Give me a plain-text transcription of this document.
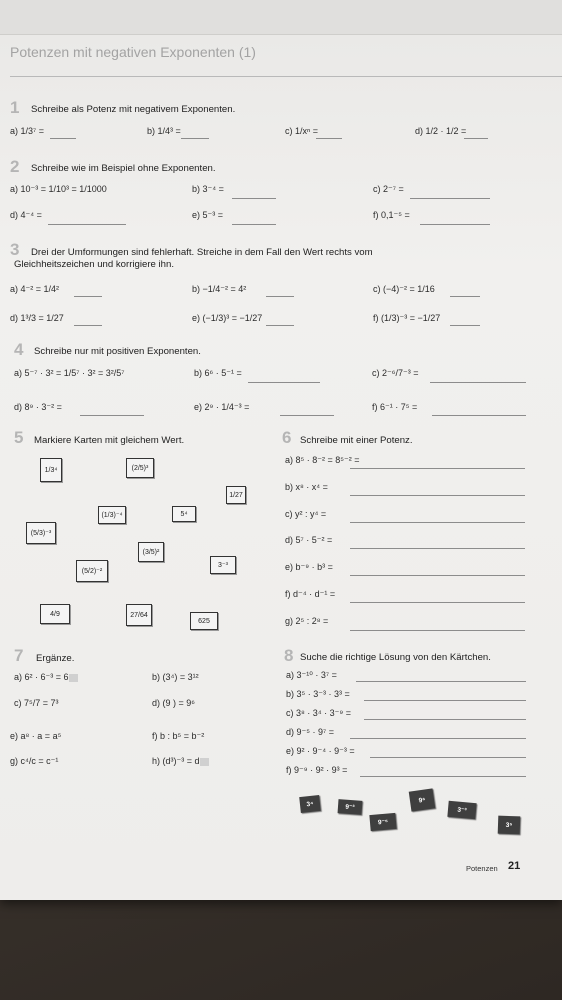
Potenzen mit negativen Exponenten (1)
1 Schreibe als Potenz mit negativem Exponenten.
a) 1/3⁷ =	b) 1/4³ =	c) 1/xⁿ =	d) 1/2 · 1/2 =
2 Schreibe wie im Beispiel ohne Exponenten.
a) 10⁻³ = 1/10³ = 1/1000	b) 3⁻⁴ =	c) 2⁻⁷ =
d) 4⁻⁴ =	e) 5⁻³ =	f) 0,1⁻⁵ =
3	Drei der Umformungen sind fehlerhaft. Streiche in dem Fall den Wert rechts vom Gleichheitszeichen und korrigiere ihn.
a) 4⁻² = 1/4²	b) −1/4⁻² = 4²	c) (−4)⁻² = 1/16
d) 1³/3 = 1/27	e) (−1/3)³ = −1/27	f) (1/3)⁻³ = −1/27
4 Schreibe nur mit positiven Exponenten.
a) 5⁻⁷ · 3² = 1/5⁷ · 3² = 3²/5⁷	b) 6⁶ · 5⁻¹ =	c) 2⁻⁶/7⁻³ =
d) 8⁹ · 3⁻² =	e) 2⁹ · 1/4⁻³ =	f) 6⁻¹ · 7⁵ =
5 Markiere Karten mit gleichem Wert.
1/3⁴	(2/5)³
1/27
(1/3)⁻⁴	5⁴
(5/3)⁻³
(3/5)²
(5/2)⁻²
3⁻³
4/9	27/64
625
6 Schreibe mit einer Potenz.
a) 8⁵ · 8⁻² = 8⁵⁻² =
b) x⁸ · x⁴ =
c) y² : y⁴ =
d) 5⁷ · 5⁻² =
e) b⁻⁹ · b³ =
f) d⁻⁴ · d⁻¹ =
g) 2⁵ : 2⁸ =
7 Ergänze.
a) 6² · 6⁻³ = 6	b) (3⁴) = 3¹²
c) 7⁵/7 = 7³	d) (9 ) = 9⁶
e) a⁸ · a = a⁵	f) b : b⁵ = b⁻²
g) c⁴/c = c⁻¹	h) (d³)⁻³ = d
8 Suche die richtige Lösung von den Kärtchen.
a) 3⁻¹⁰ · 3⁷ =
b) 3⁵ · 3⁻³ · 3³ =
c) 3⁸ · 3⁴ · 3⁻⁹ =
d) 9⁻⁵ · 9⁷ =
e) 9² · 9⁻⁴ · 9⁻³ =
f) 9⁻⁹ · 9² · 9³ =
3⁴	9⁻³
9⁶
3⁻³
9⁻⁵	3⁵
Potenzen 21
